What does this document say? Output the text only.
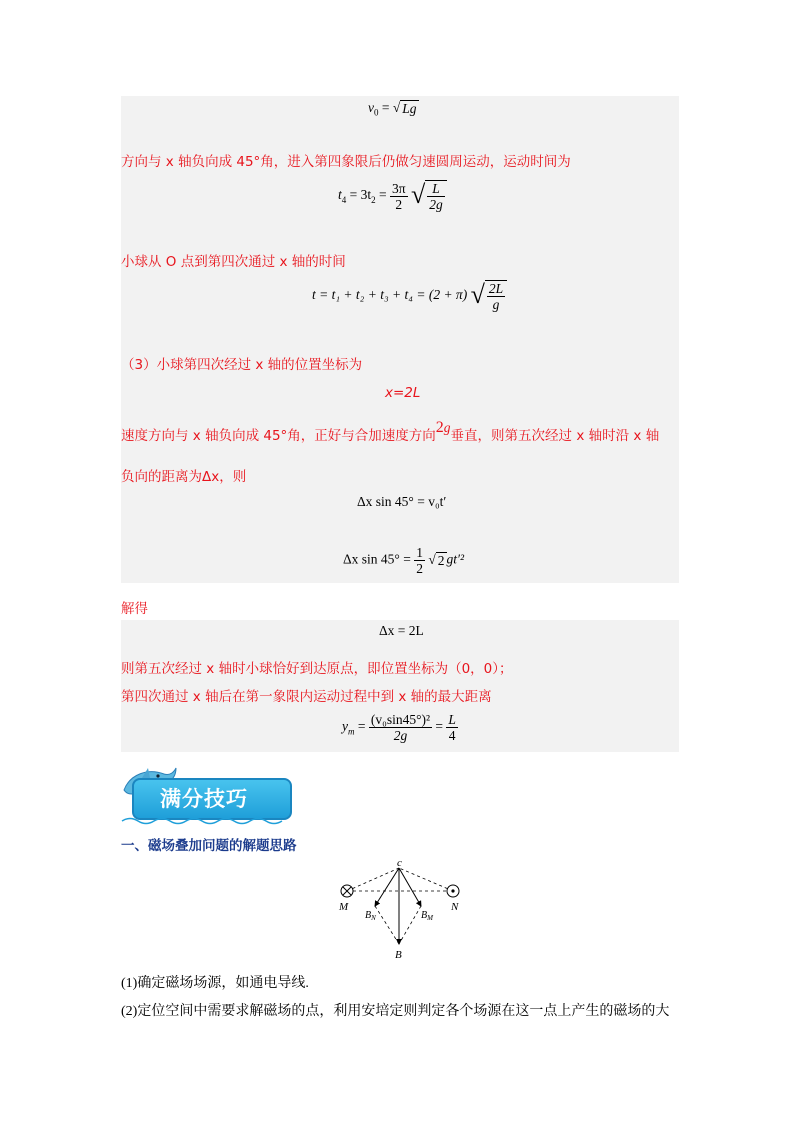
$v_0$ = √ Lg
方向与 x 轴负向成 45°角，进入第四象限后仍做匀速圆周运动，运动时间为
$t_4 = 3t_2 = \frac{3\pi}{2}$
√ $\frac{L}{2g}$
小球从 O 点到第四次通过 x 轴的时间
t = t₁ + t₂ + t₃ + t₄ = (2 + π) √ $\frac{2L}{g}$
（3）小球第四次经过 x 轴的位置坐标为
x=2L
速度方向与 x 轴负向成 45°角，正好与合加速度方向2g垂直，则第五次经过 x 轴时沿 x 轴
负向的距离为Δx，则
Δx sin 45° = v₀t′
Δx $\sin 45^\circ = \frac{1}{2}$
√ 2 gt′²
解得
Δx = 2L
则第五次经过 x 轴时小球恰好到达原点，即位置坐标为（0，0）；
第四次通过 x 轴后在第一象限内运动过程中到 x 轴的最大距离
$y_m = \frac{\text{(v₀sin45°)²}}{2g} = \frac{L}{4}$
满分技巧
一、磁场叠加问题的解题思路
c
M	N
$B_N$	$B_M$
B
(1)确定磁场场源，如通电导线.
(2)定位空间中需要求解磁场的点，利用安培定则判定各个场源在这一点上产生的磁场的大
